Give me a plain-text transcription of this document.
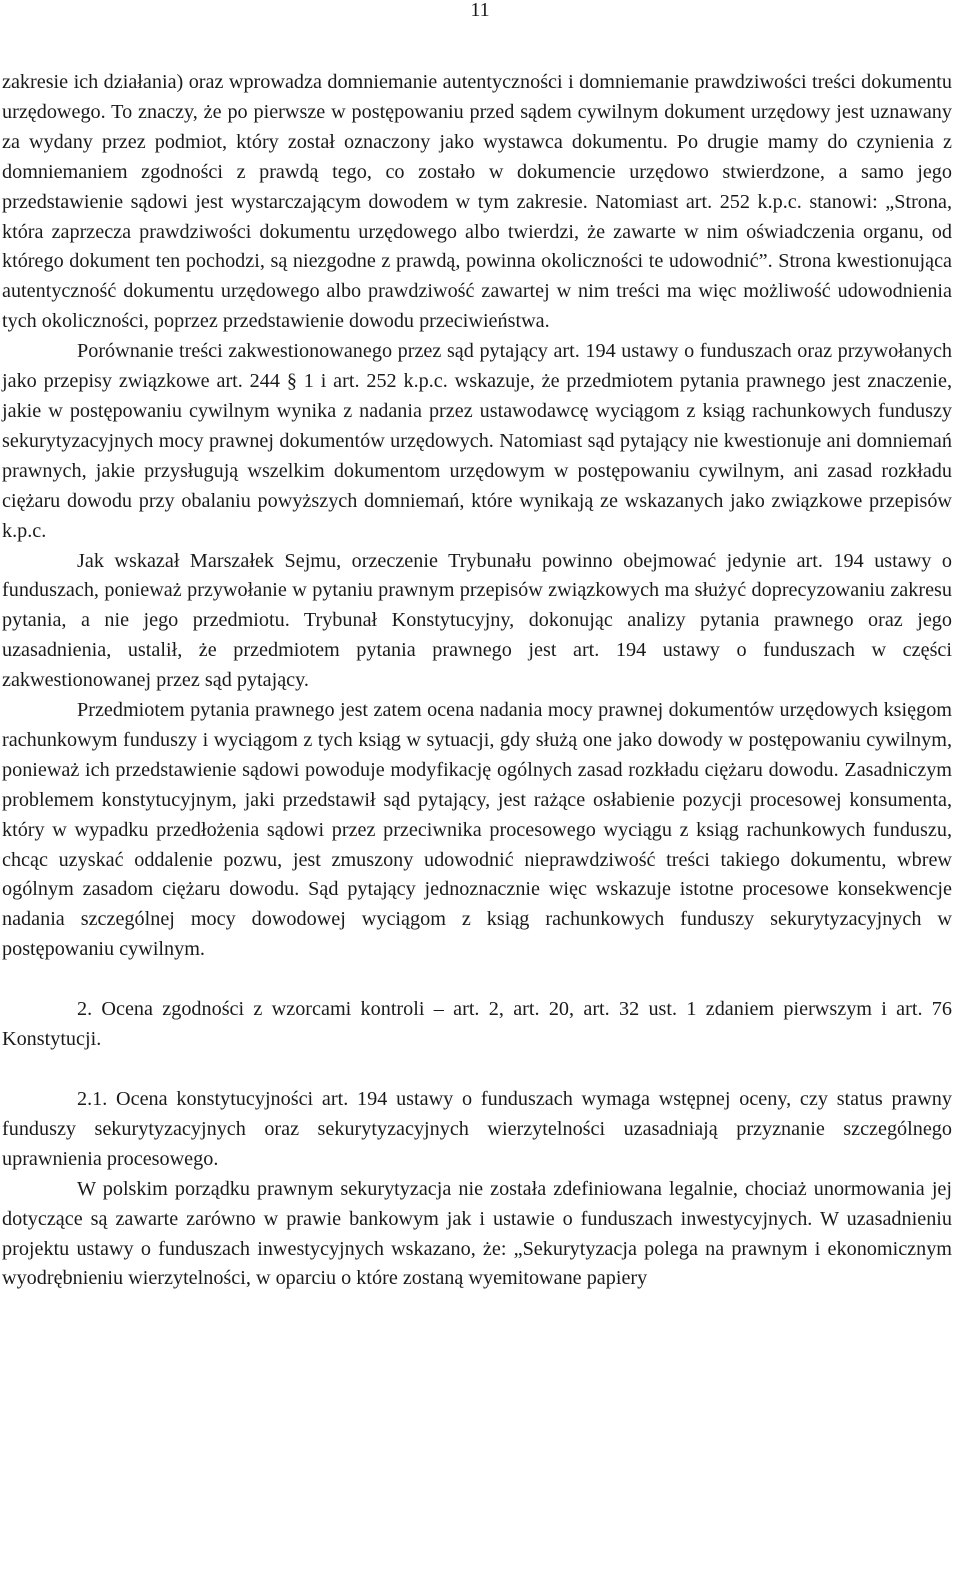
11

zakresie ich działania) oraz wprowadza domniemanie autentyczności i domniemanie prawdziwości treści dokumentu urzędowego. To znaczy, że po pierwsze w postępowaniu przed sądem cywilnym dokument urzędowy jest uznawany za wydany przez podmiot, który został oznaczony jako wystawca dokumentu. Po drugie mamy do czynienia z domniemaniem zgodności z prawdą tego, co zostało w dokumencie urzędowo stwierdzone, a samo jego przedstawienie sądowi jest wystarczającym dowodem w tym zakresie. Natomiast art. 252 k.p.c. stanowi: „Strona, która zaprzecza prawdziwości dokumentu urzędowego albo twierdzi, że zawarte w nim oświadczenia organu, od którego dokument ten pochodzi, są niezgodne z prawdą, powinna okoliczności te udowodnić”. Strona kwestionująca autentyczność dokumentu urzędowego albo prawdziwość zawartej w nim treści ma więc możliwość udowodnienia tych okoliczności, poprzez przedstawienie dowodu przeciwieństwa.

Porównanie treści zakwestionowanego przez sąd pytający art. 194 ustawy o funduszach oraz przywołanych jako przepisy związkowe art. 244 § 1 i art. 252 k.p.c. wskazuje, że przedmiotem pytania prawnego jest znaczenie, jakie w postępowaniu cywilnym wynika z nadania przez ustawodawcę wyciągom z ksiąg rachunkowych funduszy sekurytyzacyjnych mocy prawnej dokumentów urzędowych. Natomiast sąd pytający nie kwestionuje ani domniemań prawnych, jakie przysługują wszelkim dokumentom urzędowym w postępowaniu cywilnym, ani zasad rozkładu ciężaru dowodu przy obalaniu powyższych domniemań, które wynikają ze wskazanych jako związkowe przepisów k.p.c.

Jak wskazał Marszałek Sejmu, orzeczenie Trybunału powinno obejmować jedynie art. 194 ustawy o funduszach, ponieważ przywołanie w pytaniu prawnym przepisów związkowych ma służyć doprecyzowaniu zakresu pytania, a nie jego przedmiotu. Trybunał Konstytucyjny, dokonując analizy pytania prawnego oraz jego uzasadnienia, ustalił, że przedmiotem pytania prawnego jest art. 194 ustawy o funduszach w części zakwestionowanej przez sąd pytający.

Przedmiotem pytania prawnego jest zatem ocena nadania mocy prawnej dokumentów urzędowych księgom rachunkowym funduszy i wyciągom z tych ksiąg w sytuacji, gdy służą one jako dowody w postępowaniu cywilnym, ponieważ ich przedstawienie sądowi powoduje modyfikację ogólnych zasad rozkładu ciężaru dowodu. Zasadniczym problemem konstytucyjnym, jaki przedstawił sąd pytający, jest rażące osłabienie pozycji procesowej konsumenta, który w wypadku przedłożenia sądowi przez przeciwnika procesowego wyciągu z ksiąg rachunkowych funduszu, chcąc uzyskać oddalenie pozwu, jest zmuszony udowodnić nieprawdziwość treści takiego dokumentu, wbrew ogólnym zasadom ciężaru dowodu. Sąd pytający jednoznacznie więc wskazuje istotne procesowe konsekwencje nadania szczególnej mocy dowodowej wyciągom z ksiąg rachunkowych funduszy sekurytyzacyjnych w postępowaniu cywilnym.

2. Ocena zgodności z wzorcami kontroli – art. 2, art. 20, art. 32 ust. 1 zdaniem pierwszym i art. 76 Konstytucji.

2.1. Ocena konstytucyjności art. 194 ustawy o funduszach wymaga wstępnej oceny, czy status prawny funduszy sekurytyzacyjnych oraz sekurytyzacyjnych wierzytelności uzasadniają przyznanie szczególnego uprawnienia procesowego.

W polskim porządku prawnym sekurytyzacja nie została zdefiniowana legalnie, chociaż unormowania jej dotyczące są zawarte zarówno w prawie bankowym jak i ustawie o funduszach inwestycyjnych. W uzasadnieniu projektu ustawy o funduszach inwestycyjnych wskazano, że: „Sekurytyzacja polega na prawnym i ekonomicznym wyodrębnieniu wierzytelności, w oparciu o które zostaną wyemitowane papiery
